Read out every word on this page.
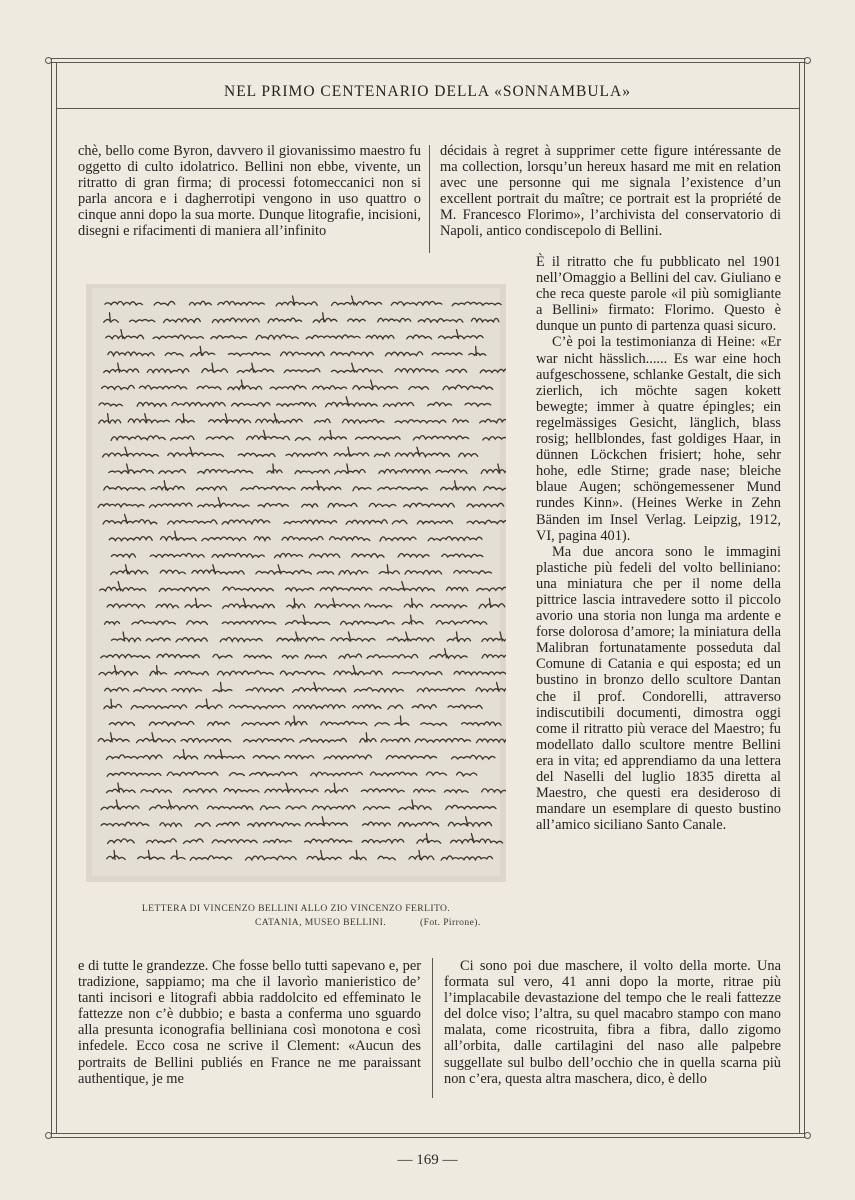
NEL PRIMO CENTENARIO DELLA «SONNAMBULA»

chè, bello come Byron, davvero il giovanissimo maestro fu oggetto di culto idolatrico. Bellini non ebbe, vivente, un ritratto di gran firma; di processi fotomeccanici non si parla ancora e i dagherrotipi vengono in uso quattro o cinque anni dopo la sua morte. Dunque litografie, incisioni, disegni e rifacimenti di maniera all’infinito

décidais à regret à supprimer cette figure intéressante de ma collection, lorsqu’un hereux hasard me mit en relation avec une personne qui me signala l’existence d’un excellent portrait du maître; ce portrait est la propriété de M. Francesco Florimo», l’archivista del conservatorio di Napoli, antico condiscepolo di Bellini.

LETTERA DI VINCENZO BELLINI ALLO ZIO VINCENZO FERLITO.
CATANIA, MUSEO BELLINI.	(Fot. Pirrone).

È il ritratto che fu pubblicato nel 1901 nell’Omaggio a Bellini del cav. Giuliano e che reca queste parole «il più somigliante a Bellini» firmato: Florimo. Questo è dunque un punto di partenza quasi sicuro.

C’è poi la testimonianza di Heine: «Er war nicht hässlich...... Es war eine hoch aufgeschossene, schlanke Gestalt, die sich zierlich, ich möchte sagen kokett bewegte; immer à quatre épingles; ein regelmässiges Gesicht, länglich, blass rosig; hellblondes, fast goldiges Haar, in dünnen Löckchen frisiert; hohe, sehr hohe, edle Stirne; grade nase; bleiche blaue Augen; schöngemessener Mund rundes Kinn». (Heines Werke in Zehn Bänden im Insel Verlag. Leipzig, 1912, VI, pagina 401).

Ma due ancora sono le immagini plastiche più fedeli del volto belliniano: una miniatura che per il nome della pittrice lascia intravedere sotto il piccolo avorio una storia non lunga ma ardente e forse dolorosa d’amore; la miniatura della Malibran fortunatamente posseduta dal Comune di Catania e qui esposta; ed un bustino in bronzo dello scultore Dantan che il prof. Condorelli, attraverso indiscutibili documenti, dimostra oggi come il ritratto più verace del Maestro; fu modellato dallo scultore mentre Bellini era in vita; ed apprendiamo da una lettera del Naselli del luglio 1835 diretta al Maestro, che questi era desideroso di mandare un esemplare di questo bustino all’amico siciliano Santo Canale.

e di tutte le grandezze. Che fosse bello tutti sapevano e, per tradizione, sappiamo; ma che il lavorìo manieristico de’ tanti incisori e litografi abbia raddolcito ed effeminato le fattezze non c’è dubbio; e basta a conferma uno sguardo alla presunta iconografia belliniana così monotona e così infedele. Ecco cosa ne scrive il Clement: «Aucun des portraits de Bellini publiés en France ne me paraissant authentique, je me

Ci sono poi due maschere, il volto della morte. Una formata sul vero, 41 anni dopo la morte, ritrae più l’implacabile devastazione del tempo che le reali fattezze del dolce viso; l’altra, su quel macabro stampo con mano malata, come ricostruita, fibra a fibra, dallo zigomo all’orbita, dalle cartilagini del naso alle palpebre suggellate sul bulbo dell’occhio che in quella scarna più non c’era, questa altra maschera, dico, è dello

— 169 —
